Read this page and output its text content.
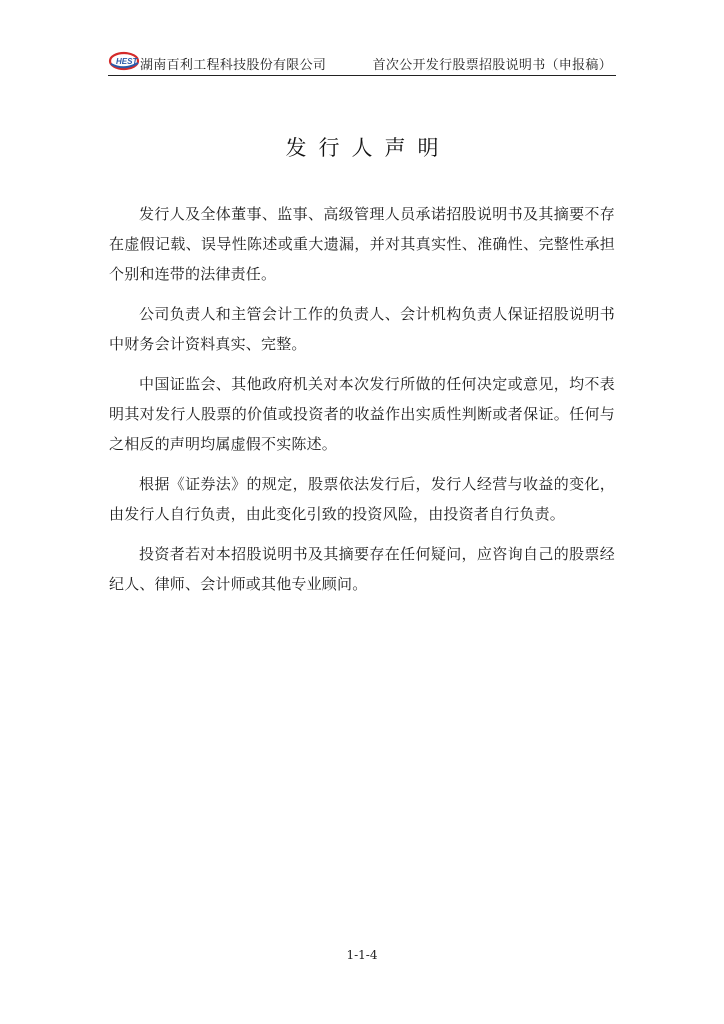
HEST 湖南百利工程科技股份有限公司	首次公开发行股票招股说明书（申报稿）
发行人声明

发行人及全体董事、监事、高级管理人员承诺招股说明书及其摘要不存在虚假记载、误导性陈述或重大遗漏，并对其真实性、准确性、完整性承担个别和连带的法律责任。

公司负责人和主管会计工作的负责人、会计机构负责人保证招股说明书中财务会计资料真实、完整。

中国证监会、其他政府机关对本次发行所做的任何决定或意见，均不表明其对发行人股票的价值或投资者的收益作出实质性判断或者保证。任何与之相反的声明均属虚假不实陈述。

根据《证券法》的规定，股票依法发行后，发行人经营与收益的变化，由发行人自行负责，由此变化引致的投资风险，由投资者自行负责。

投资者若对本招股说明书及其摘要存在任何疑问，应咨询自己的股票经纪人、律师、会计师或其他专业顾问。

1-1-4
